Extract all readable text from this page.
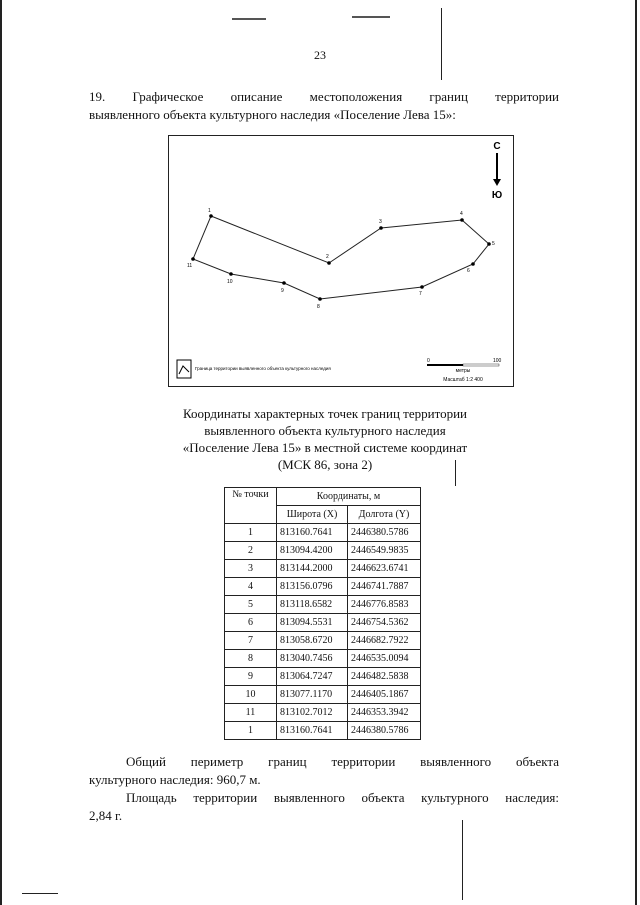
23

19. Графическое описание местоположения границ территории

выявленного объекта культурного наследия «Поселение Лева 15»:

С
Ю
1
2
3
4
5
6
7
8
9
10
11
Граница территории выявленного объекта культурного наследия
0	100
метры
Масштаб 1:2 400
Координаты характерных точек границ территории
выявленного объекта культурного наследия
«Поселение Лева 15» в местной системе координат
(МСК 86, зона 2)
№ точки	Координаты, м	
	Широта (X)	Долгота (Y)
1	813160.7641	2446380.5786
2	813094.4200	2446549.9835
3	813144.2000	2446623.6741
4	813156.0796	2446741.7887
5	813118.6582	2446776.8583
6	813094.5531	2446754.5362
7	813058.6720	2446682.7922
8	813040.7456	2446535.0094
9	813064.7247	2446482.5838
10	813077.1170	2446405.1867
11	813102.7012	2446353.3942
1	813160.7641	2446380.5786

Общий периметр границ территории выявленного объекта

культурного наследия: 960,7 м.

Площадь территории выявленного объекта культурного наследия:

2,84 г.
